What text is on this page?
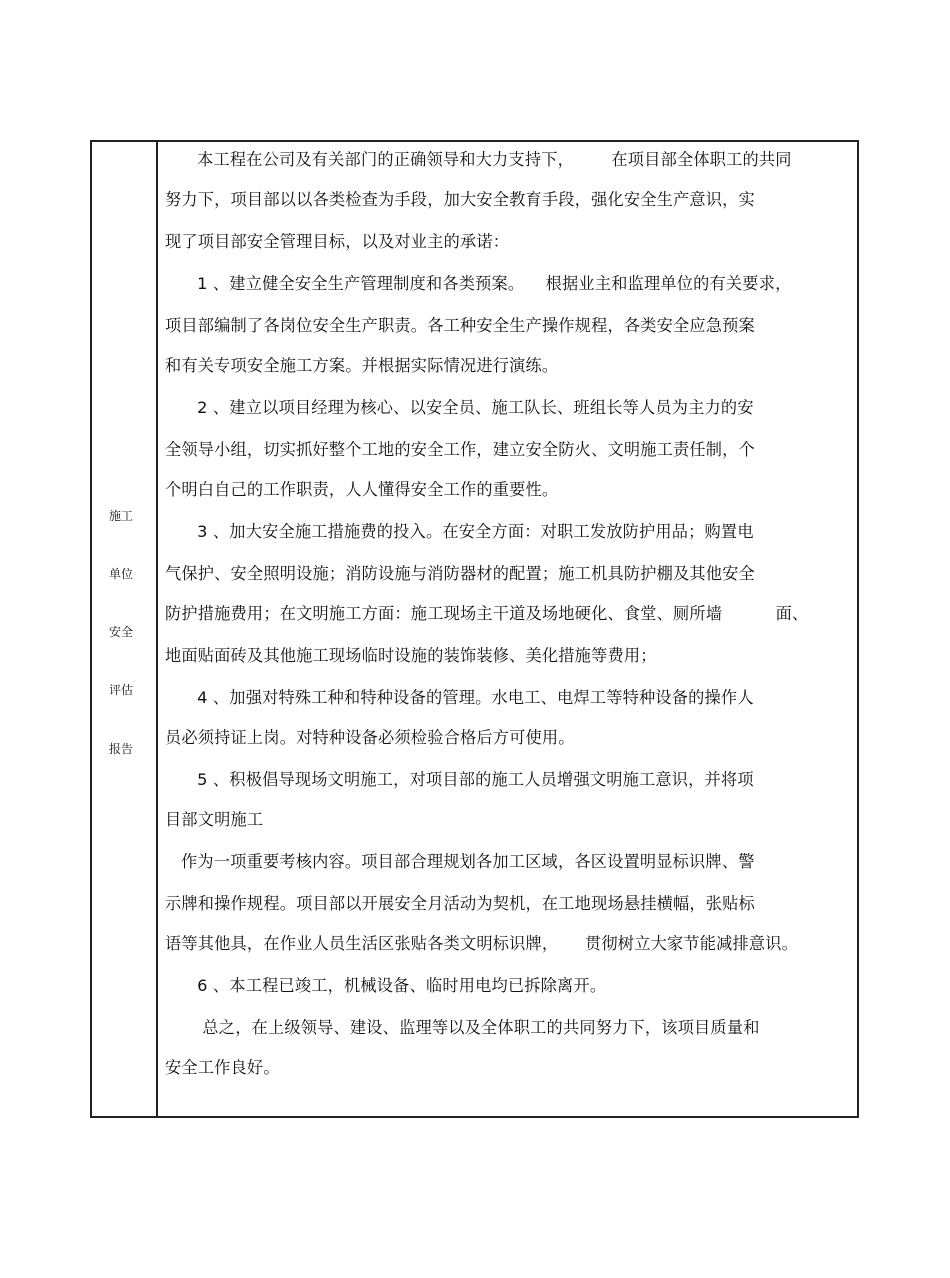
施工
单位
安全
评估
报告
本工程在公司及有关部门的正确领导和大力支持下，       在项目部全体职工的共同
努力下，项目部以以各类检查为手段，加大安全教育手段，强化安全生产意识，实
现了项目部安全管理目标，以及对业主的承诺：
1 、建立健全安全生产管理制度和各类预案。    根据业主和监理单位的有关要求，
项目部编制了各岗位安全生产职责。各工种安全生产操作规程，各类安全应急预案
和有关专项安全施工方案。并根据实际情况进行演练。
2 、建立以项目经理为核心、以安全员、施工队长、班组长等人员为主力的安
全领导小组，切实抓好整个工地的安全工作，建立安全防火、文明施工责任制，个
个明白自己的工作职责，人人懂得安全工作的重要性。
3 、加大安全施工措施费的投入。在安全方面：对职工发放防护用品；购置电
气保护、安全照明设施；消防设施与消防器材的配置；施工机具防护棚及其他安全
防护措施费用；在文明施工方面：施工现场主干道及场地硬化、食堂、厕所墙          面、
地面贴面砖及其他施工现场临时设施的装饰装修、美化措施等费用；
4 、加强对特殊工种和特种设备的管理。水电工、电焊工等特种设备的操作人
员必须持证上岗。对特种设备必须检验合格后方可使用。
5 、积极倡导现场文明施工，对项目部的施工人员增强文明施工意识，并将项
目部文明施工
作为一项重要考核内容。项目部合理规划各加工区域，各区设置明显标识牌、警
示牌和操作规程。项目部以开展安全月活动为契机，在工地现场悬挂横幅，张贴标
语等其他具，在作业人员生活区张贴各类文明标识牌，     贯彻树立大家节能减排意识。
6 、本工程已竣工，机械设备、临时用电均已拆除离开。
总之，在上级领导、建设、监理等以及全体职工的共同努力下，该项目质量和
安全工作良好。
